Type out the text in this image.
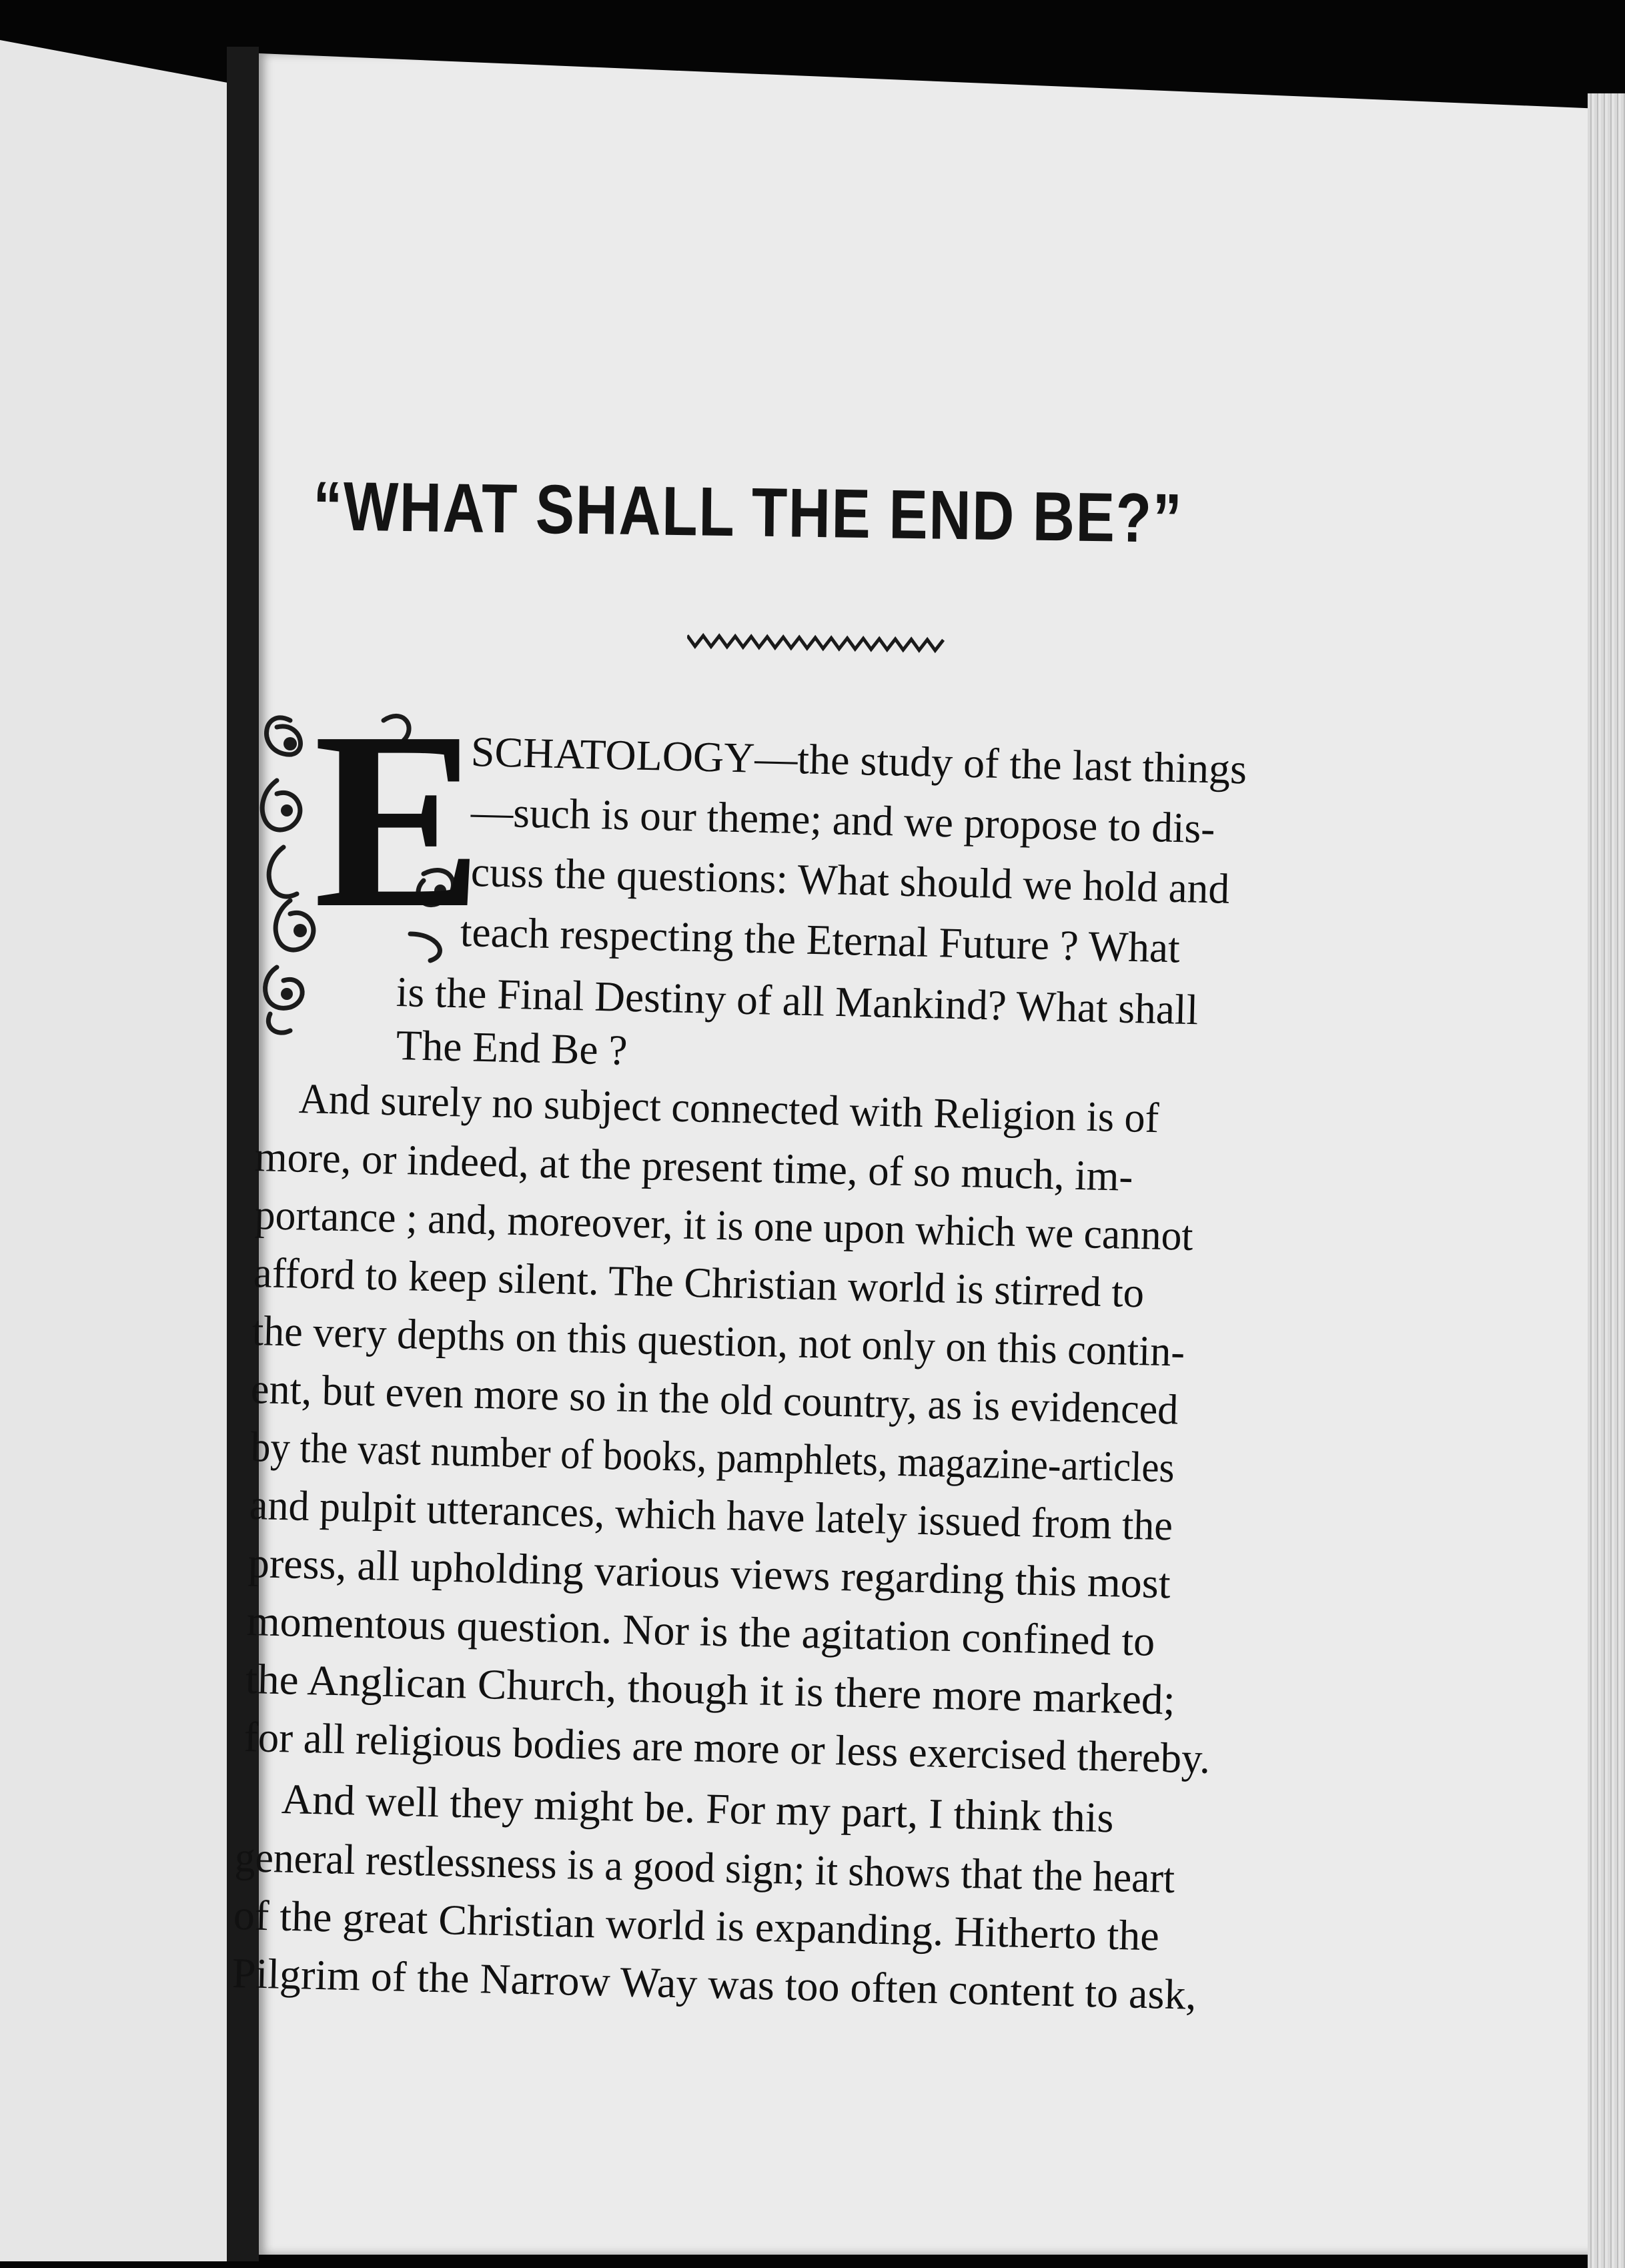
“WHAT SHALL THE END BE?”
E
SCHATOLOGY—the study of the last things
—such is our theme; and we propose to dis-
cuss the questions: What should we hold and
teach respecting the Eternal Future ? What
is the Final Destiny of all Mankind? What shall
The End Be ?
And surely no subject connected with Religion is of
more, or indeed, at the present time, of so much, im-
portance ; and, moreover, it is one upon which we cannot
afford to keep silent. The Christian world is stirred to
the very depths on this question, not only on this contin-
ent, but even more so in the old country, as is evidenced
by the vast number of books, pamphlets, magazine-articles
and pulpit utterances, which have lately issued from the
press, all upholding various views regarding this most
momentous question. Nor is the agitation confined to
the Anglican Church, though it is there more marked;
for all religious bodies are more or less exercised thereby.
And well they might be. For my part, I think this
general restlessness is a good sign; it shows that the heart
of the great Christian world is expanding. Hitherto the
Pilgrim of the Narrow Way was too often content to ask,
